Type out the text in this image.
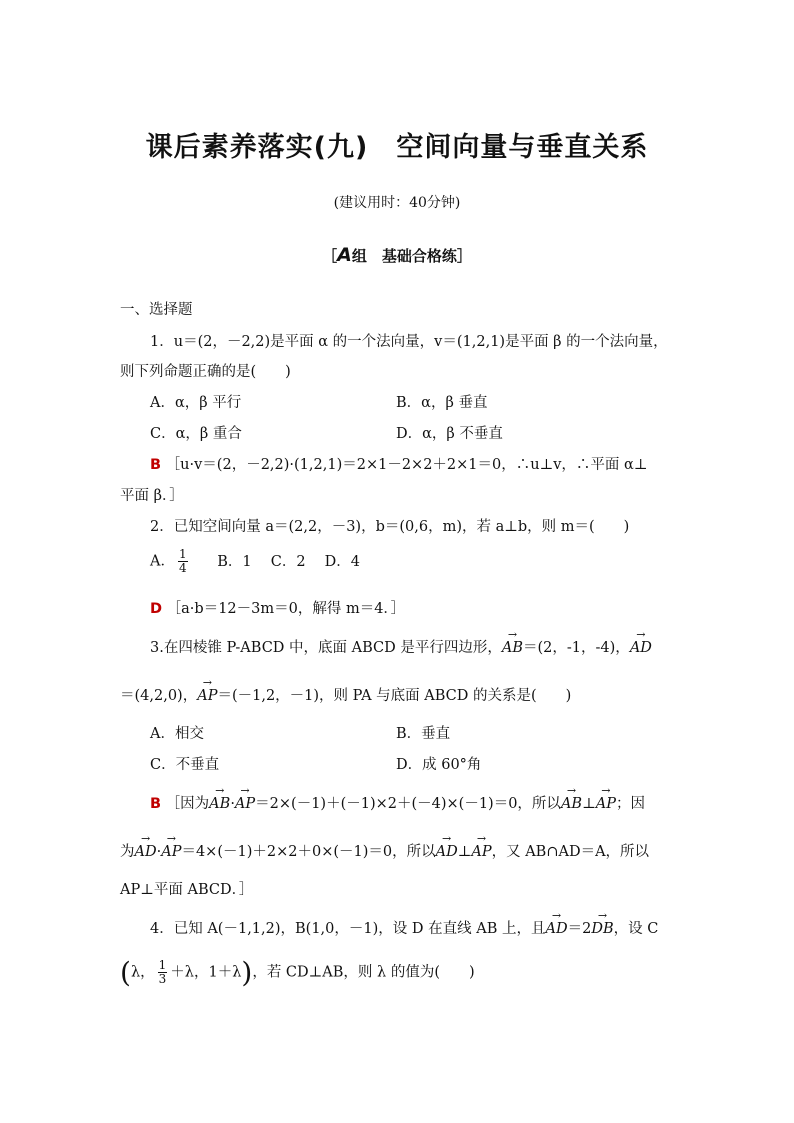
课后素养落实(九) 空间向量与垂直关系
(建议用时：40分钟)
［A组　基础合格练］
一、选择题
1．u＝(2，－2,2)是平面 α 的一个法向量，v＝(1,2,1)是平面 β 的一个法向量，
则下列命题正确的是(　　)
A．α，β 平行	B．α，β 垂直
C．α，β 重合	D．α，β 不垂直
B ［u·v＝(2，－2,2)·(1,2,1)＝2×1－2×2＋2×1＝0，∴u⊥v，∴平面 α⊥
平面 β．］
2．已知空间向量 a＝(2,2，－3)，b＝(0,6，m)，若 a⊥b，则 m＝(　　)
A． $\frac{1}{4}$ B．1　 C．2　 D．4
D ［a·b＝12－3m＝0，解得 m＝4．］
3.在四棱锥 P-ABCD 中，底面 ABCD 是平行四边形，→ AB＝(2，-1，-4)，→ AD
＝(4,2,0)，→ AP＝(－1,2，－1)，则 PA 与底面 ABCD 的关系是(　　)
A．相交	B．垂直
C．不垂直	D．成 60°角
B ［因为→ AB·→ AP＝2×(－1)＋(－1)×2＋(－4)×(－1)＝0，所以→ AB⊥→ AP；因
为→ AD·→ AP＝4×(－1)＋2×2＋0×(－1)＝0，所以→ AD⊥→ AP，又 AB∩AD＝A，所以
AP⊥平面 ABCD．］
4．已知 A(－1,1,2)，B(1,0，－1)，设 D 在直线 AB 上，且→ AD＝2→ DB，设 C
(λ， $\frac{1}{3} +\lambda$，1＋λ)，若 CD⊥AB，则 λ 的值为(　　)
